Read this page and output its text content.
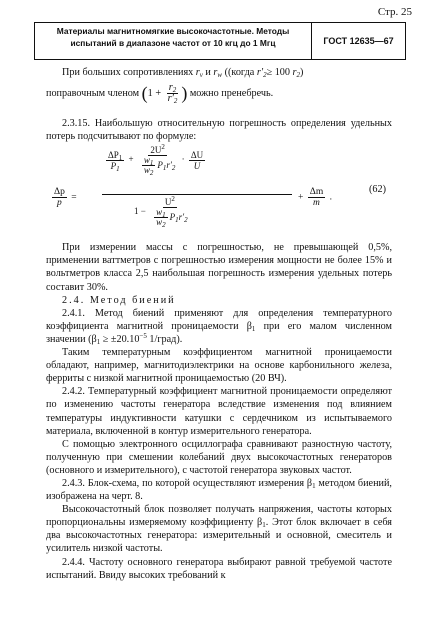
Стр. 25
Материалы магнитномягкие высокочастотные. Методы испытаний в диапазоне частот от 10 кгц до 1 Мгц	ГОСТ 12635—67

При больших сопротивлениях $r_v$ и $r_w$ ((когда $r'_2\ge 100$ $r_2$)

поправочным членом ($1 + \frac{r_2}{r'_2}$ ) можно пренебречь.

2.3.15. Наибольшую относительную погрешность определения удельных потерь подсчитывают по формуле:

$\frac{\Delta P_1}{P_1} + \frac{2U^2}{\frac{w_1}{w_2} P_1r'_2} \cdot \frac{\Delta U}{U}$
$\frac{\Delta p}{p}$ =
$1 - \frac{U^2}{\frac{w_1}{w_2} P_1r'_2}$	+ $\frac{\Delta m}{m}$ .
(62)

При измерении массы с погрешностью, не превышающей 0,5%, применении ваттметров с погрешностью измерения мощности не более 15% и вольтметров класса 2,5 наибольшая погрешность измерения удельных потерь составит 30%.

2.4. Метод биений

2.4.1. Метод биений применяют для определения температурного коэффициента магнитной проницаемости $\beta_1$ при его малом численном значении ($\beta_1 \ge \pm 20.10^{-5}$ 1/град).

Таким температурным коэффициентом магнитной проницаемости обладают, например, магнитодиэлектрики на основе карбонильного железа, ферриты с низкой магнитной проницаемостью (20 ВЧ).

2.4.2. Температурный коэффициент магнитной проницаемости определяют по изменению частоты генератора вследствие изменения под влиянием температуры индуктивности катушки с сердечником из испытываемого материала, включенной в контур измерительного генератора.

С помощью электронного осциллографа сравнивают разностную частоту, полученную при смешении колебаний двух высокочастотных генераторов (основного и измерительного), с частотой генератора звуковых частот.

2.4.3. Блок-схема, по которой осуществляют измерения $\beta_1$ методом биений, изображена на черт. 8.

Высокочастотный блок позволяет получать напряжения, частоты которых пропорциональны измеряемому коэффициенту $\beta_1$. Этот блок включает в себя два высокочастотных генератора: измерительный и основной, смеситель и усилитель низкой частоты.

2.4.4. Частоту основного генератора выбирают равной требуемой частоте испытаний. Ввиду высоких требований к
